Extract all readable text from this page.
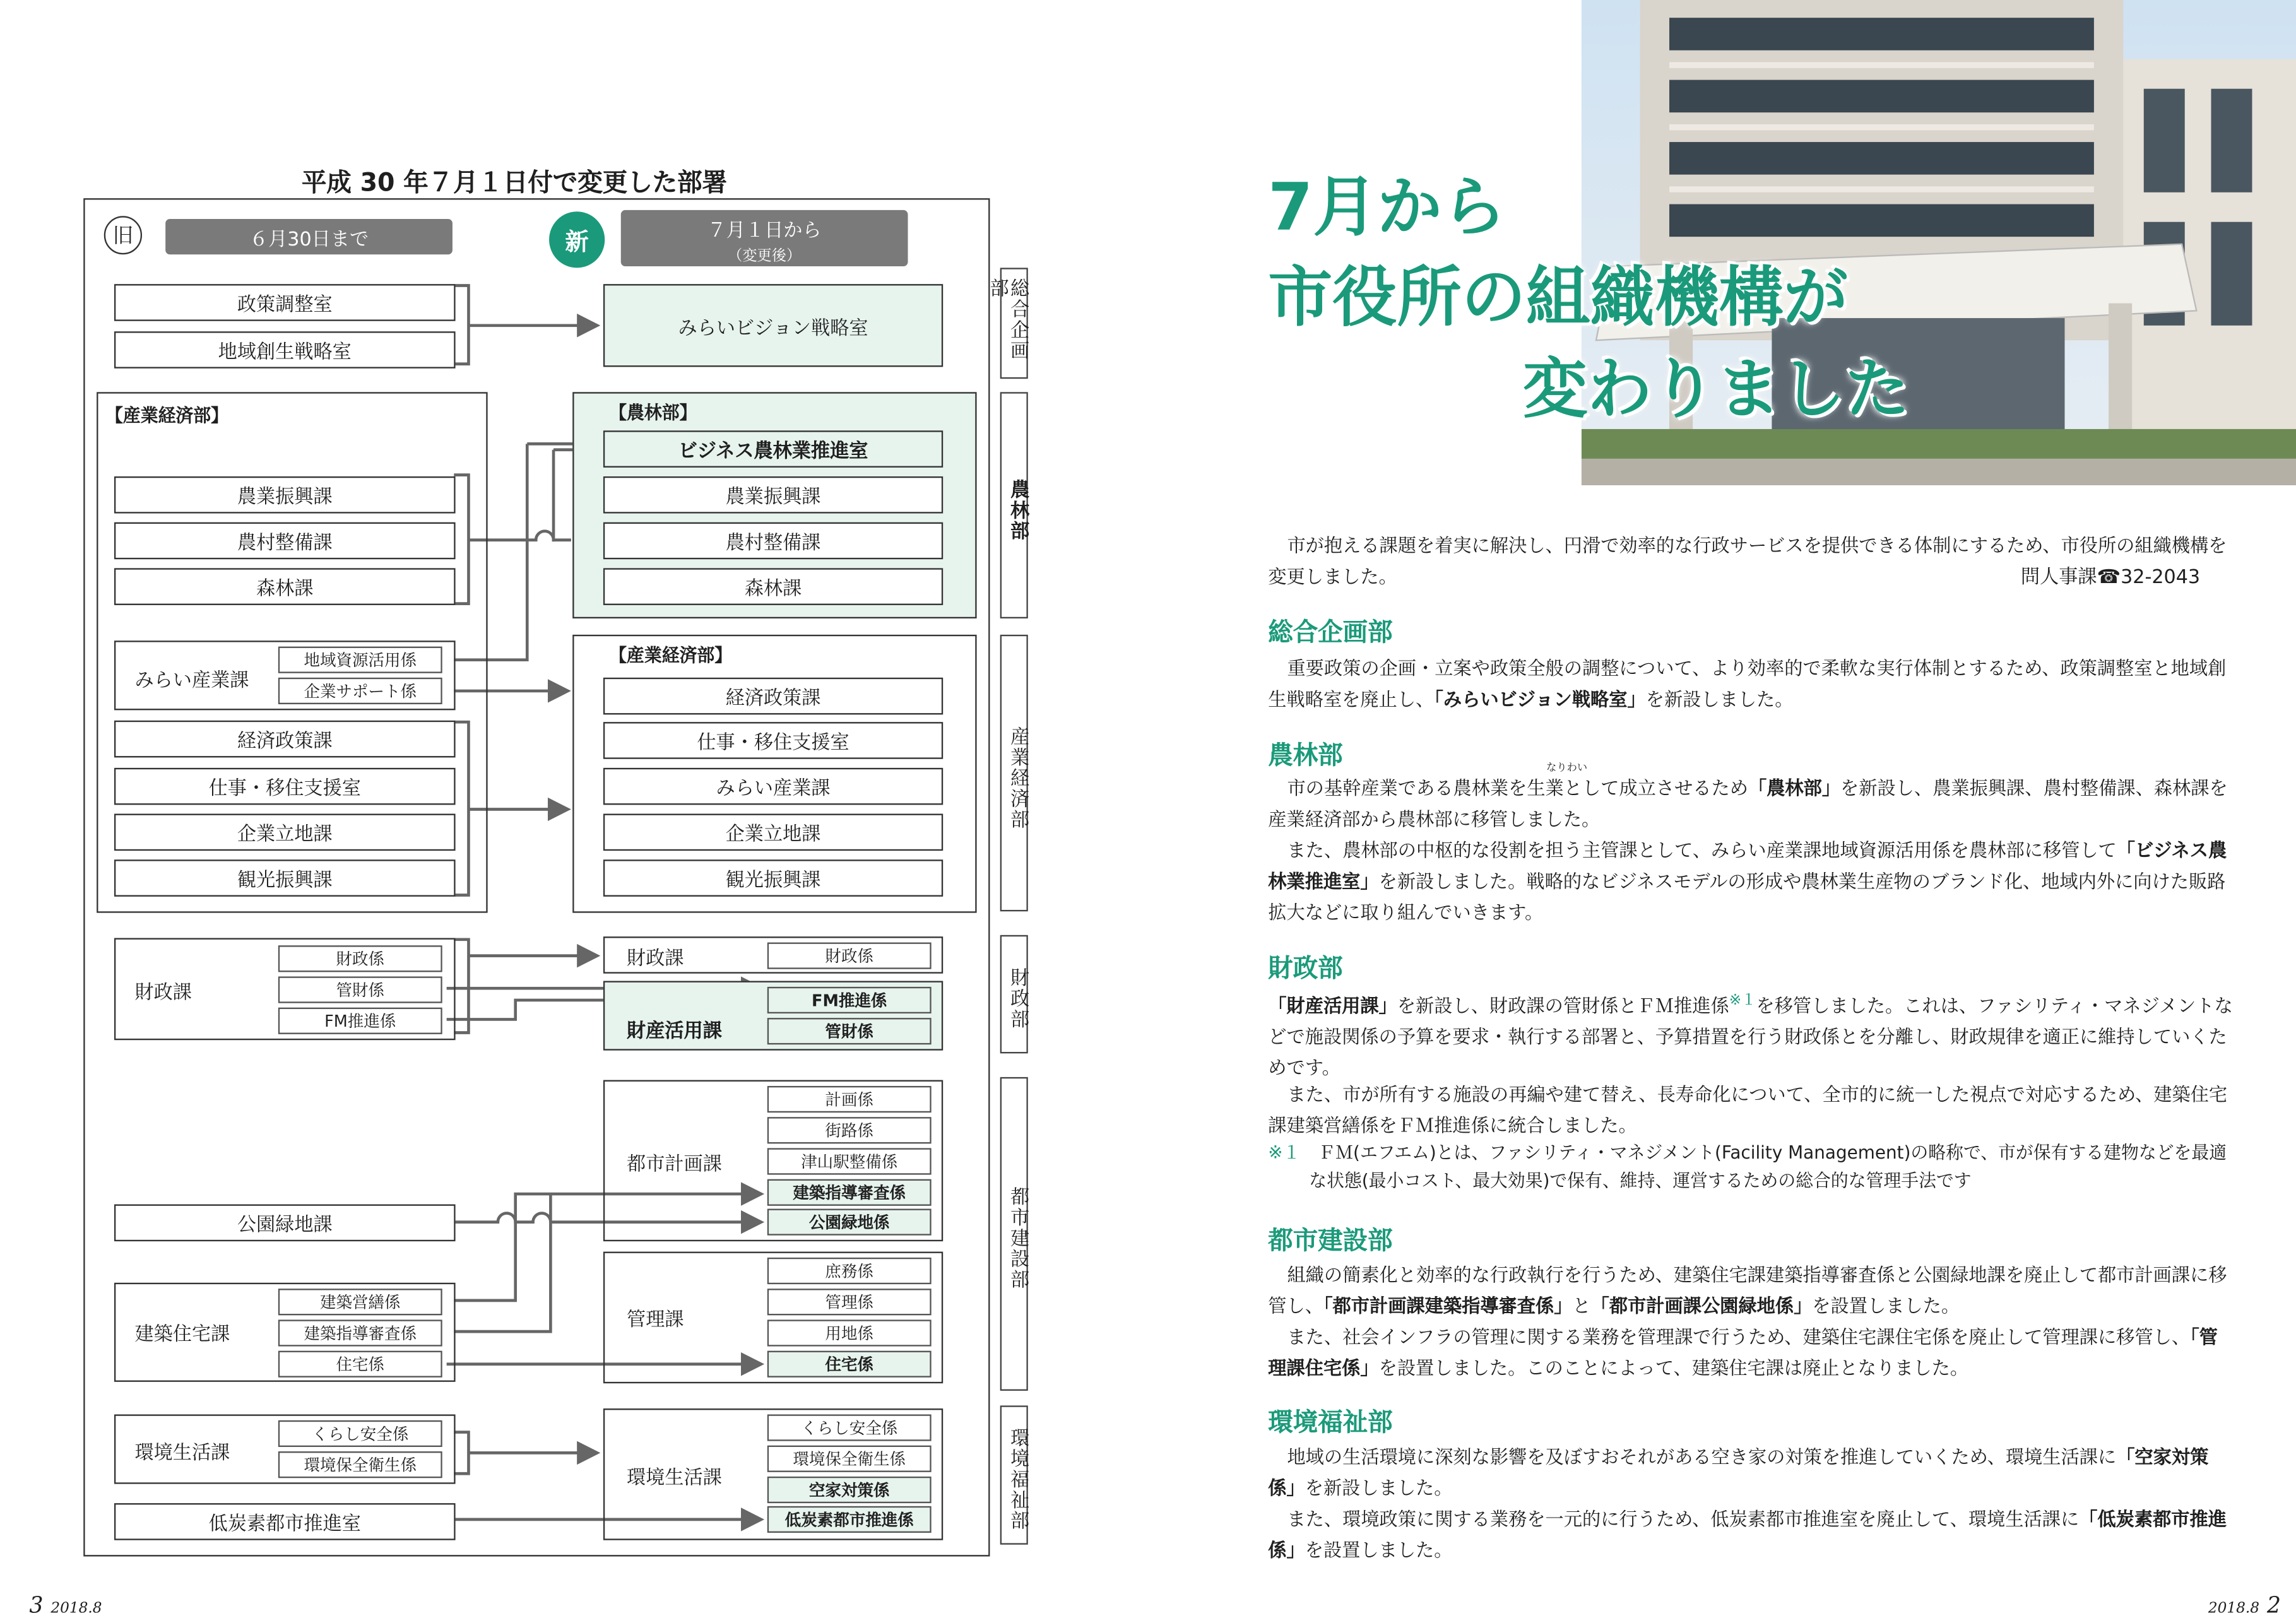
平成 30 年７月１日付で変更した部署
旧	６月30日まで	新	７月１日から
（変更後）
総合企画部
農林部
産業経済部
財政部
都市建設部
環境福祉部
政策調整室
地域創生戦略室
【産業経済部】
農業振興課
農村整備課
森林課
みらい産業課
地域資源活用係
企業サポート係
経済政策課
仕事・移住支援室
企業立地課
観光振興課
財政課
財政係
管財係
FM推進係
公園緑地課
建築住宅課
建築営繕係
建築指導審査係
住宅係
環境生活課
くらし安全係
環境保全衛生係
低炭素都市推進室
みらいビジョン戦略室
【農林部】
ビジネス農林業推進室
農業振興課
農村整備課
森林課
【産業経済部】
経済政策課
仕事・移住支援室
みらい産業課
企業立地課
観光振興課
財政課	財政係
財産活用課
FM推進係
管財係
都市計画課
計画係
街路係
津山駅整備係
建築指導審査係
公園緑地係
管理課
庶務係
管理係
用地係
住宅係
環境生活課
くらし安全係
環境保全衛生係
空家対策係
低炭素都市推進係
3 2018.8
7月から
市役所の組織機構が
変わりました
市が抱える課題を着実に解決し、円滑で効率的な行政サービスを提供できる体制にするため、市役所の組織機構を変更しました。	問人事課☎32-2043
総合企画部
重要政策の企画・立案や政策全般の調整について、より効率的で柔軟な実行体制とするため、政策調整室と地域創生戦略室を廃止し、「みらいビジョン戦略室」を新設しました。
農林部	なりわい
市の基幹産業である農林業を生業として成立させるため「農林部」を新設し、農業振興課、農村整備課、森林課を産業経済部から農林部に移管しました。
また、農林部の中枢的な役割を担う主管課として、みらい産業課地域資源活用係を農林部に移管して「ビジネス農林業推進室」を新設しました。戦略的なビジネスモデルの形成や農林業生産物のブランド化、地域内外に向けた販路拡大などに取り組んでいきます。
財政部
「財産活用課」を新設し、財政課の管財係とＦＭ推進係$^{※1}$を移管しました。これは、ファシリティ・マネジメントなどで施設関係の予算を要求・執行する部署と、予算措置を行う財政係とを分離し、財政規律を適正に維持していくためです。
また、市が所有する施設の再編や建て替え、長寿命化について、全市的に統一した視点で対応するため、建築住宅課建築営繕係をＦＭ推進係に統合しました。
※１ ＦＭ(エフエム)とは、ファシリティ・マネジメント(Facility Management)の略称で、市が保有する建物などを最適な状態(最小コスト、最大効果)で保有、維持、運営するための総合的な管理手法です
都市建設部
組織の簡素化と効率的な行政執行を行うため、建築住宅課建築指導審査係と公園緑地課を廃止して都市計画課に移管し、「都市計画課建築指導審査係」と「都市計画課公園緑地係」を設置しました。
また、社会インフラの管理に関する業務を管理課で行うため、建築住宅課住宅係を廃止して管理課に移管し、「管理課住宅係」を設置しました。このことによって、建築住宅課は廃止となりました。
環境福祉部
地域の生活環境に深刻な影響を及ぼすおそれがある空き家の対策を推進していくため、環境生活課に「空家対策係」を新設しました。
また、環境政策に関する業務を一元的に行うため、低炭素都市推進室を廃止して、環境生活課に「低炭素都市推進係」を設置しました。
2018.8 2
